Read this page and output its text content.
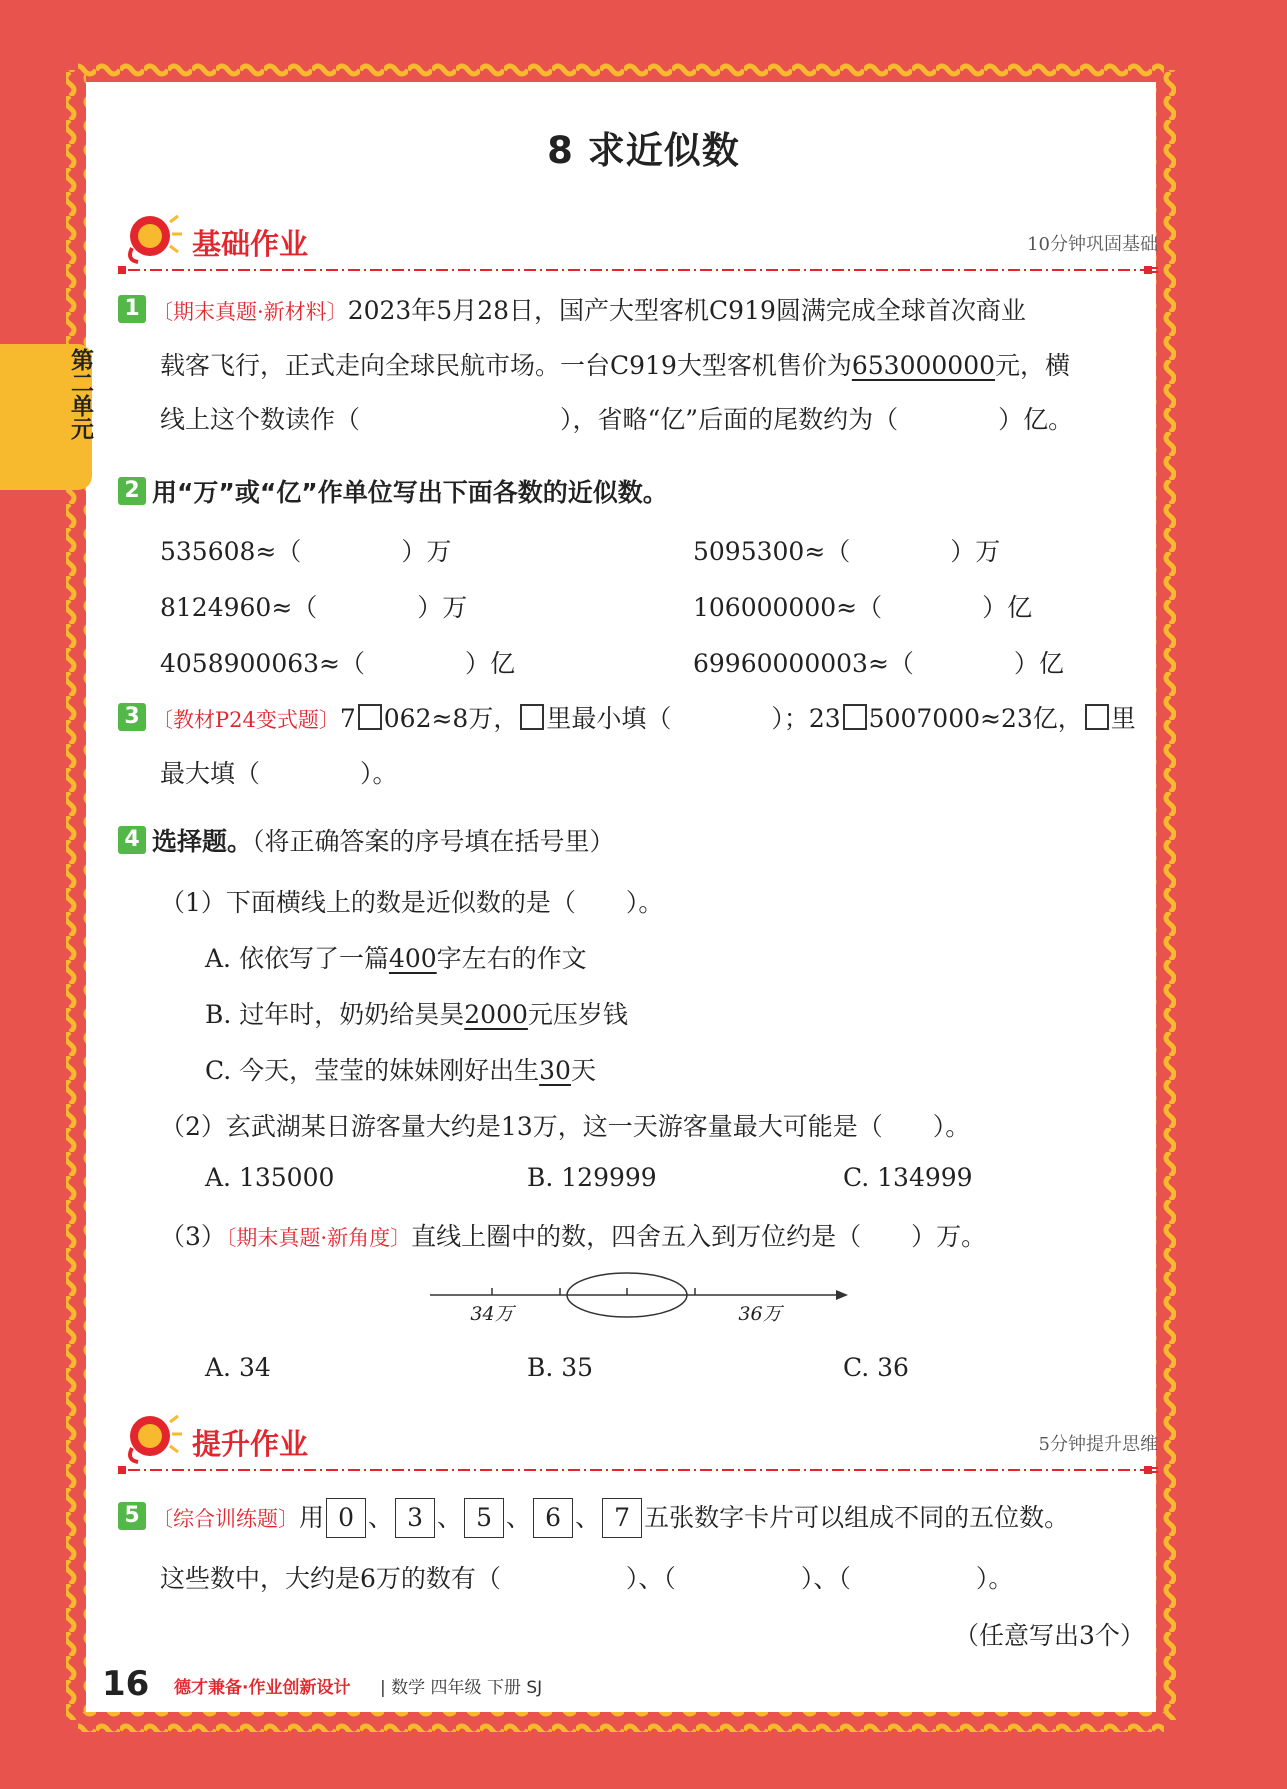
第二单元
8 求近似数
基础作业	10分钟巩固基础
1 〔期末真题·新材料〕2023年5月28日，国产大型客机C919圆满完成全球首次商业
载客飞行，正式走向全球民航市场。一台C919大型客机售价为653000000元，横
线上这个数读作（　　　　　　　　），省略“亿”后面的尾数约为（　　　　）亿。
2 用“万”或“亿”作单位写出下面各数的近似数。
535608≈（　　　　）万	5095300≈（　　　　）万
8124960≈（　　　　）万	106000000≈（　　　　）亿
4058900063≈（　　　　）亿	69960000003≈（　　　　）亿
3 〔教材P24变式题〕7 062≈8万， 里最小填（　　　　）；23 5007000≈23亿， 里
最大填（　　　　）。
4 选择题。（将正确答案的序号填在括号里）
（1）下面横线上的数是近似数的是（　　）。
A. 依依写了一篇400字左右的作文
B. 过年时，奶奶给昊昊2000元压岁钱
C. 今天，莹莹的妹妹刚好出生30天
（2）玄武湖某日游客量大约是13万，这一天游客量最大可能是（　　）。
A. 135000	B. 129999	C. 134999
（3）〔期末真题·新角度〕直线上圈中的数，四舍五入到万位约是（　　）万。
34万	36万
A. 34	B. 35	C. 36
提升作业	5分钟提升思维
5 〔综合训练题〕用 0 、 3 、 5 、 6 、 7 五张数字卡片可以组成不同的五位数。
这些数中，大约是6万的数有（　　　　　）、（　　　　　）、（　　　　　）。
（任意写出3个）
16 德才兼备·作业创新设计 | 数学 四年级 下册 SJ
